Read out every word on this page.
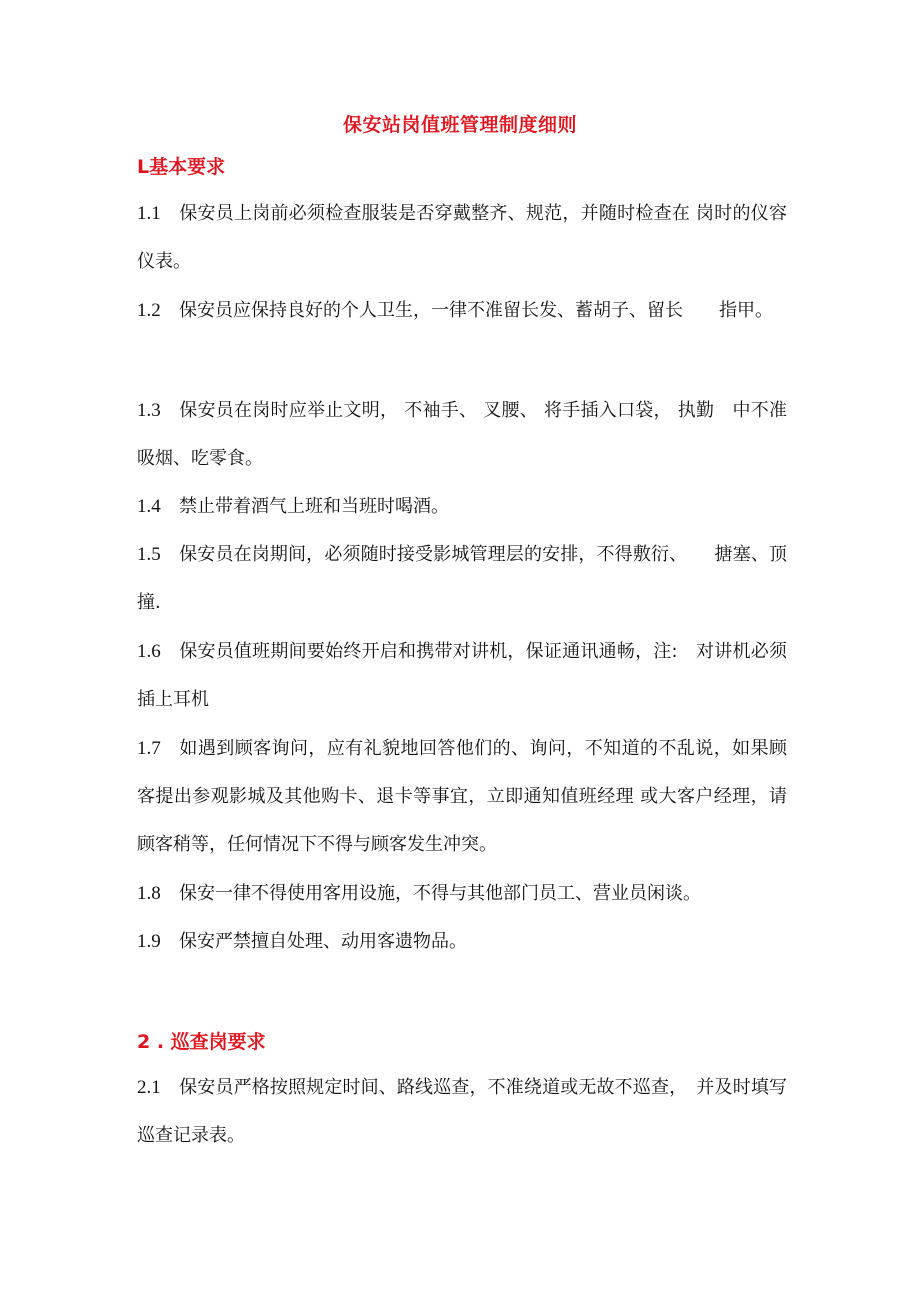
保安站岗值班管理制度细则
L基本要求
1.1 保安员上岗前必须检查服装是否穿戴整齐、规范，并随时检查在 岗时的仪容仪表。
1.2 保安员应保持良好的个人卫生，一律不准留长发、蓄胡子、留长　　指甲。
1.3 保安员在岗时应举止文明， 不袖手、 叉腰、 将手插入口袋， 执勤　中不准吸烟、吃零食。
1.4 禁止带着酒气上班和当班时喝酒。
1.5 保安员在岗期间，必须随时接受影城管理层的安排，不得敷衍、　　搪塞、顶撞.
1.6 保安员值班期间要始终开启和携带对讲机，保证通讯通畅，注:　对讲机必须插上耳机
1.7 如遇到顾客询问，应有礼貌地回答他们的、询问，不知道的不乱说，如果顾客提出参观影城及其他购卡、退卡等事宜，立即通知值班经理 或大客户经理，请顾客稍等，任何情况下不得与顾客发生冲突。
1.8 保安一律不得使用客用设施，不得与其他部门员工、营业员闲谈。
1.9 保安严禁擅自处理、动用客遗物品。
2 . 巡查岗要求
2.1 保安员严格按照规定时间、路线巡查，不准绕道或无故不巡查，　并及时填写巡查记录表。
